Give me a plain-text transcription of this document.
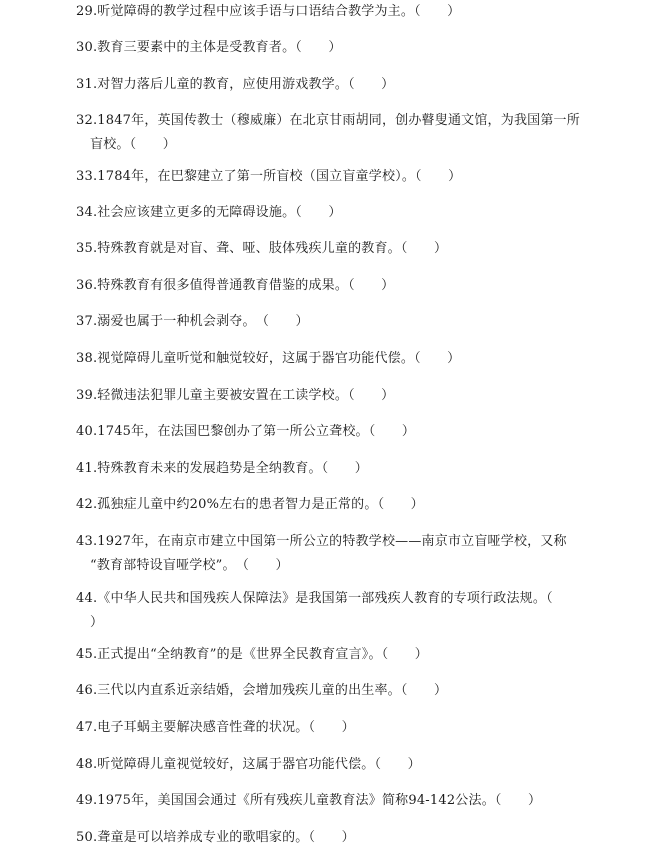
29.听觉障碍的教学过程中应该手语与口语结合教学为主。（　　）
30.教育三要素中的主体是受教育者。（　　）
31.对智力落后儿童的教育，应使用游戏教学。（　　）
32.1847年，英国传教士（穆威廉）在北京甘雨胡同，创办瞽叟通文馆，为我国第一所
盲校。（　　）
33.1784年，在巴黎建立了第一所盲校（国立盲童学校）。（　　）
34.社会应该建立更多的无障碍设施。（　　）
35.特殊教育就是对盲、聋、哑、肢体残疾儿童的教育。（　　）
36.特殊教育有很多值得普通教育借鉴的成果。（　　）
37.溺爱也属于一种机会剥夺。　（　　）
38.视觉障碍儿童听觉和触觉较好，这属于器官功能代偿。（　　）
39.轻微违法犯罪儿童主要被安置在工读学校。（　　）
40.1745年，在法国巴黎创办了第一所公立聋校。（　　）
41.特殊教育未来的发展趋势是全纳教育。（　　）
42.孤独症儿童中约20%左右的患者智力是正常的。（　　）
43.1927年，在南京市建立中国第一所公立的特教学校——南京市立盲哑学校，又称
“教育部特设盲哑学校”。　（　　）
44.《中华人民共和国残疾人保障法》是我国第一部残疾人教育的专项行政法规。（
）
45.正式提出“全纳教育”的是《世界全民教育宣言》。（　　）
46.三代以内直系近亲结婚，会增加残疾儿童的出生率。（　　）
47.电子耳蜗主要解决感音性聋的状况。（　　）
48.听觉障碍儿童视觉较好，这属于器官功能代偿。（　　）
49.1975年，美国国会通过《所有残疾儿童教育法》简称94-142公法。（　　）
50.聋童是可以培养成专业的歌唱家的。（　　）
